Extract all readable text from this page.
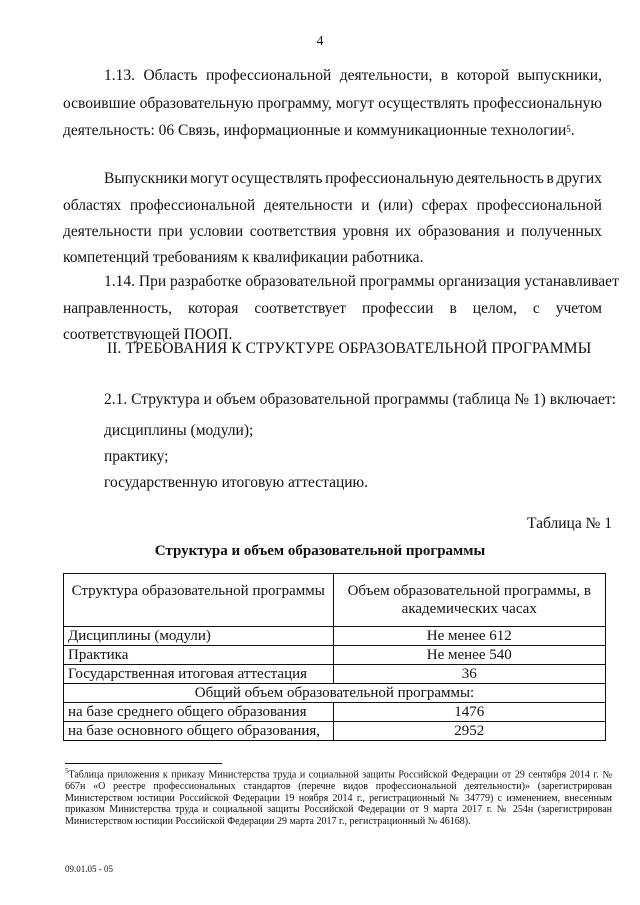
4
1.13. Область профессиональной деятельности, в которой выпускники,
освоившие образовательную программу, могут осуществлять профессиональную
деятельность: 06 Связь, информационные и коммуникационные технологии$^5$.
Выпускники могут осуществлять профессиональную деятельность в других
областях профессиональной деятельности и (или) сферах профессиональной
деятельности при условии соответствия уровня их образования и полученных
компетенций требованиям к квалификации работника.
1.14. При разработке образовательной программы организация устанавливает
направленность, которая соответствует профессии в целом, с учетом
соответствующей ПООП.
II. ТРЕБОВАНИЯ К СТРУКТУРЕ ОБРАЗОВАТЕЛЬНОЙ ПРОГРАММЫ
2.1. Структура и объем образовательной программы (таблица № 1) включает:
дисциплины (модули);
практику;
государственную итоговую аттестацию.
Таблица № 1
Структура и объем образовательной программы
Структура образовательной программы	Объем образовательной программы, в академических часах
Дисциплины (модули)	Не менее 612
Практика	Не менее 540
Государственная итоговая аттестация	36
Общий объем образовательной программы:	
на базе среднего общего образования	1476
на базе основного общего образования,	2952
$^5$Таблица приложения к приказу Министерства труда и социальной защиты Российской Федерации от 29 сентября 2014 г. № 667н «О реестре профессиональных стандартов (перечне видов профессиональной деятельности)» (зарегистрирован Министерством юстиции Российской Федерации 19 ноября 2014 г., регистрационный № 34779) с изменением, внесенным приказом Министерства труда и социальной защиты Российской Федерации от 9 марта 2017 г. № 254н (зарегистрирован Министерством юстиции Российской Федерации 29 марта 2017 г., регистрационный № 46168).
09.01.05 - 05
